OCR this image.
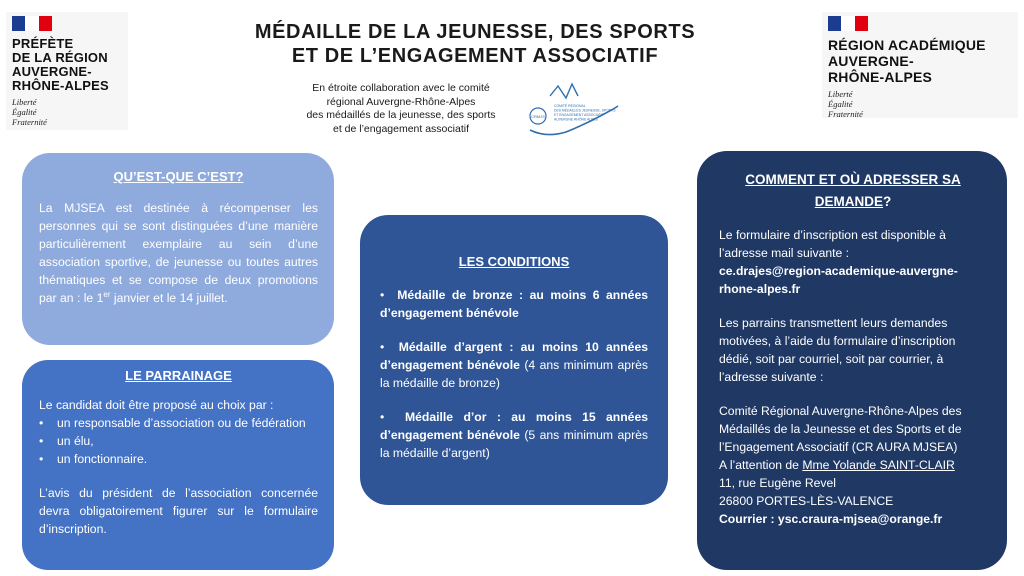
PRÉFÈTE
DE LA RÉGION
AUVERGNE-
RHÔNE-ALPES
Liberté
Égalité
Fraternité
RÉGION ACADÉMIQUE
AUVERGNE-
RHÔNE-ALPES
Liberté
Égalité
Fraternité
MÉDAILLE DE LA JEUNESSE, DES SPORTS
ET DE L’ENGAGEMENT ASSOCIATIF
En étroite collaboration avec le comité
régional Auvergne-Rhône-Alpes
des médaillés de la jeunesse, des sports
et de l’engagement associatif
CRMJS
COMITÉ RÉGIONAL
DES MÉDAILLÉS JEUNESSE, SPORTS
ET ENGAGEMENT ASSOCIATIF
AUVERGNE RHÔNE ALPES
QU’EST-QUE C’EST?
La MJSEA est destinée à récompenser les personnes qui se sont distinguées d’une manière particulièrement exemplaire au sein d’une association sportive, de jeunesse ou toutes autres thématiques et se compose de deux promotions par an : le 1er janvier et le 14 juillet.
LE PARRAINAGE
Le candidat doit être proposé au choix par :
•	un responsable d’association ou de fédération
•	un élu,
•	un fonctionnaire.
L’avis du président de l’association concernée devra obligatoirement figurer sur le formulaire d’inscription.
LES CONDITIONS
•  Médaille de bronze : au moins 6 années d’engagement bénévole
•  Médaille d’argent : au moins 10 années d’engagement bénévole (4 ans minimum après la médaille de bronze)
•  Médaille d’or : au moins 15 années d’engagement bénévole (5 ans minimum après la médaille d’argent)
COMMENT ET OÙ ADRESSER SA
DEMANDE?
Le formulaire d’inscription est disponible à l’adresse mail suivante :
ce.drajes@region-academique-auvergne-rhone-alpes.fr
Les parrains transmettent leurs demandes motivées, à l’aide du formulaire d’inscription dédié, soit par courriel, soit par courrier, à l’adresse suivante :
Comité Régional Auvergne-Rhône-Alpes des Médaillés de la Jeunesse et des Sports et de l’Engagement Associatif (CR AURA MJSEA)
A l’attention de Mme Yolande SAINT-CLAIR
11, rue Eugène Revel
26800 PORTES-LÈS-VALENCE
Courrier : ysc.craura-mjsea@orange.fr
